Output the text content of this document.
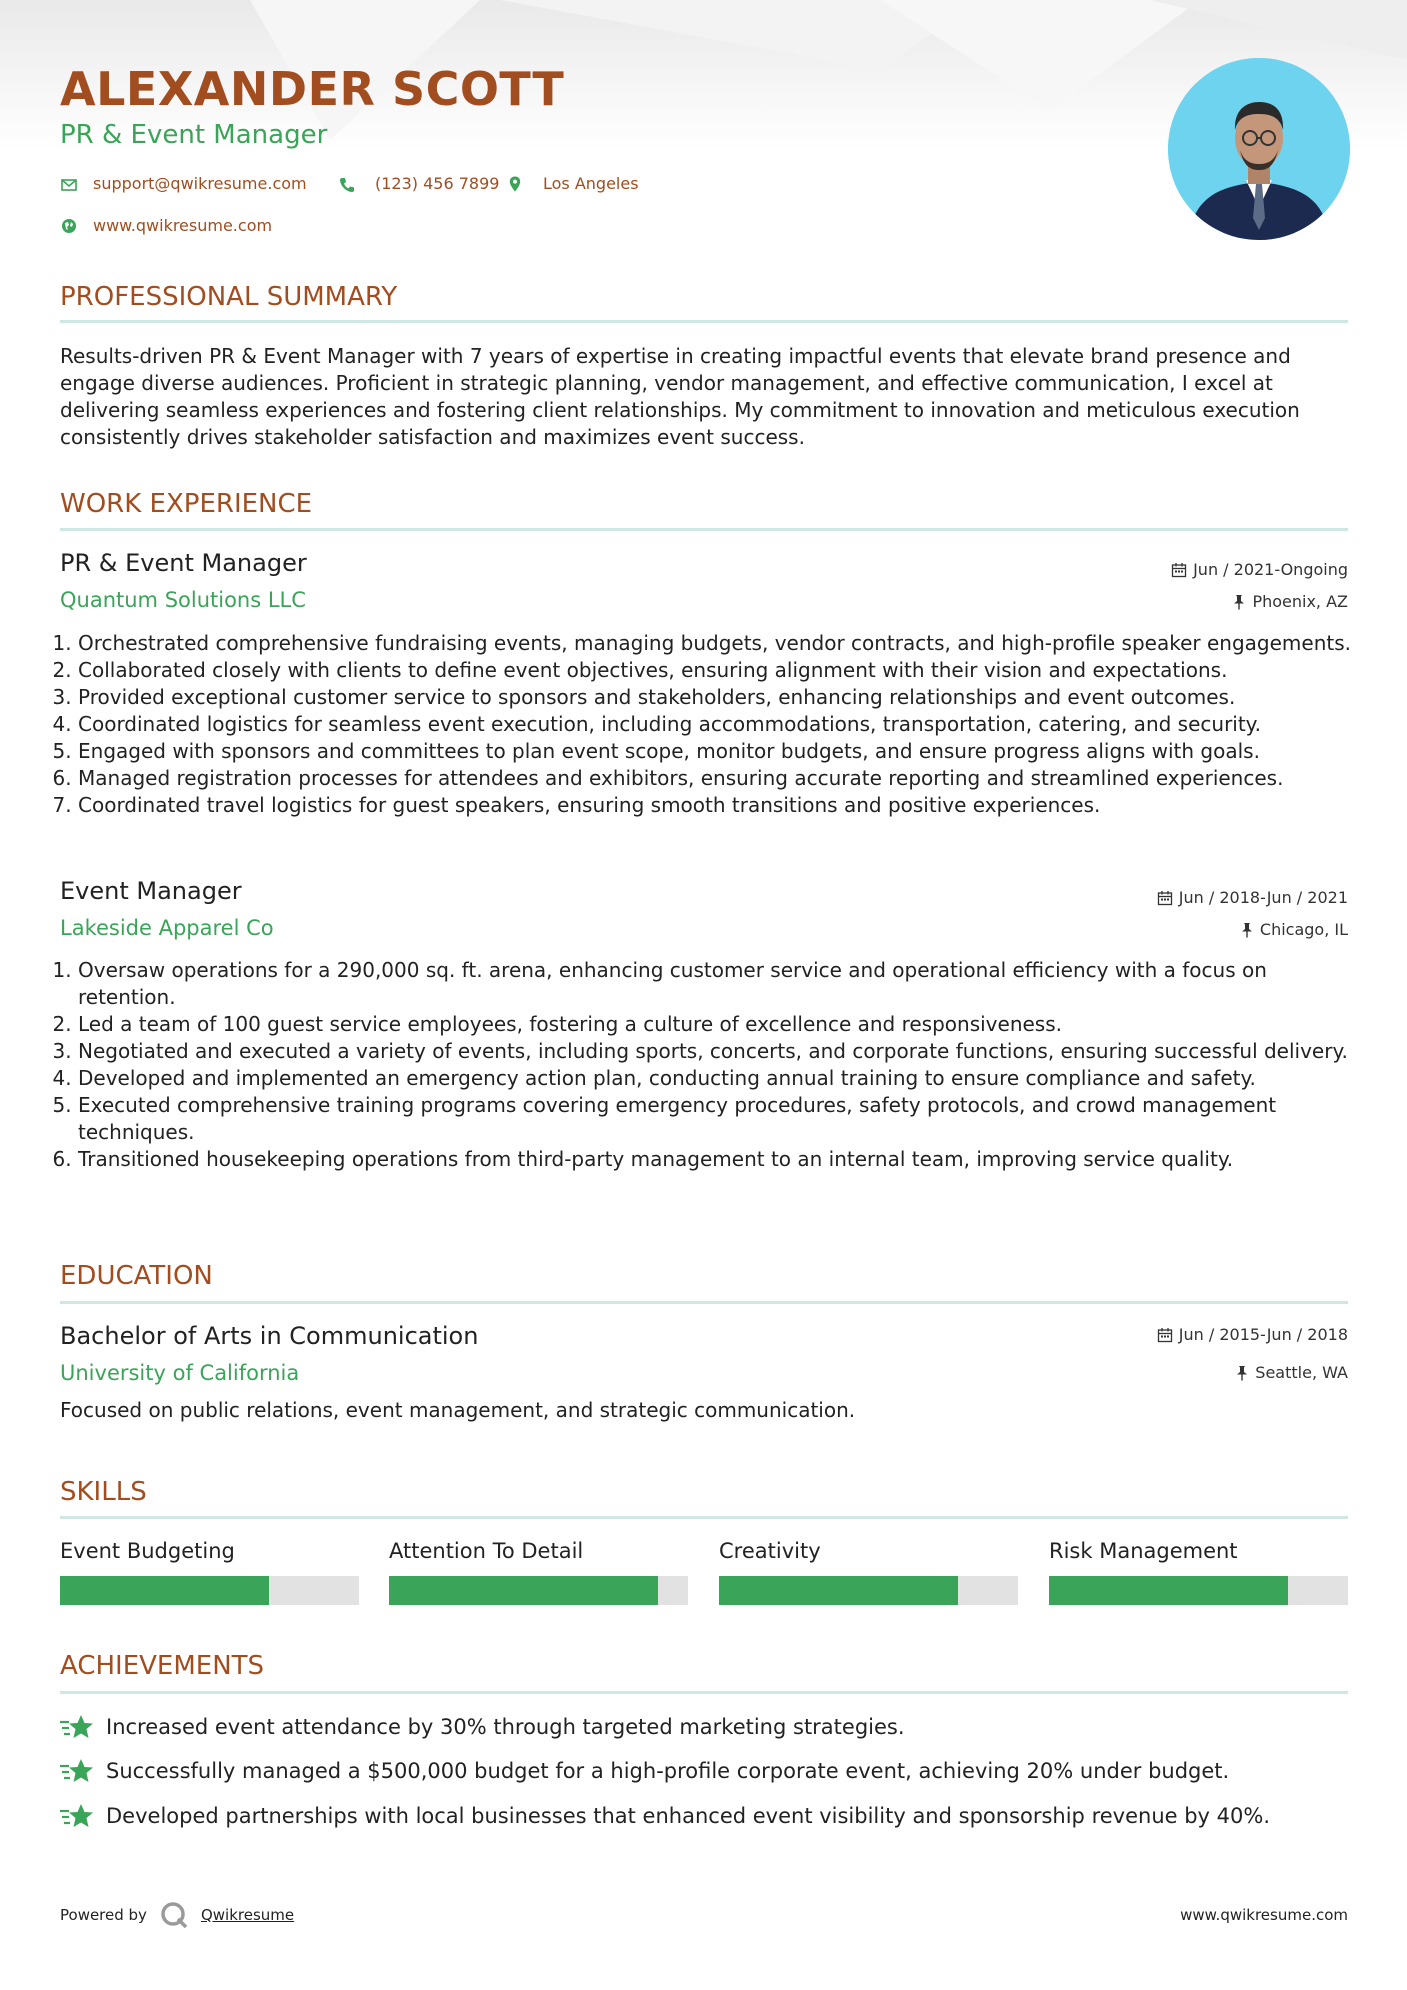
ALEXANDER SCOTT
PR & Event Manager
support@qwikresume.com	(123) 456 7899	Los Angeles
www.qwikresume.com
PROFESSIONAL SUMMARY
Results-driven PR & Event Manager with 7 years of expertise in creating impactful events that elevate brand presence and engage diverse audiences. Proficient in strategic planning, vendor management, and effective communication, I excel at delivering seamless experiences and fostering client relationships. My commitment to innovation and meticulous execution consistently drives stakeholder satisfaction and maximizes event success.
WORK EXPERIENCE
PR & Event Manager
Quantum Solutions LLC
Jun / 2021-Ongoing
Phoenix, AZ
1. Orchestrated comprehensive fundraising events, managing budgets, vendor contracts, and high-profile speaker engagements.
2. Collaborated closely with clients to define event objectives, ensuring alignment with their vision and expectations.
3. Provided exceptional customer service to sponsors and stakeholders, enhancing relationships and event outcomes.
4. Coordinated logistics for seamless event execution, including accommodations, transportation, catering, and security.
5. Engaged with sponsors and committees to plan event scope, monitor budgets, and ensure progress aligns with goals.
6. Managed registration processes for attendees and exhibitors, ensuring accurate reporting and streamlined experiences.
7. Coordinated travel logistics for guest speakers, ensuring smooth transitions and positive experiences.
Event Manager
Lakeside Apparel Co
Jun / 2018-Jun / 2021
Chicago, IL
1. Oversaw operations for a 290,000 sq. ft. arena, enhancing customer service and operational efficiency with a focus on retention.
2. Led a team of 100 guest service employees, fostering a culture of excellence and responsiveness.
3. Negotiated and executed a variety of events, including sports, concerts, and corporate functions, ensuring successful delivery.
4. Developed and implemented an emergency action plan, conducting annual training to ensure compliance and safety.
5. Executed comprehensive training programs covering emergency procedures, safety protocols, and crowd management techniques.
6. Transitioned housekeeping operations from third-party management to an internal team, improving service quality.
EDUCATION
Bachelor of Arts in Communication
University of California
Jun / 2015-Jun / 2018
Seattle, WA
Focused on public relations, event management, and strategic communication.
SKILLS
Event Budgeting	Attention To Detail	Creativity	Risk Management
ACHIEVEMENTS
Increased event attendance by 30% through targeted marketing strategies.
Successfully managed a $500,000 budget for a high-profile corporate event, achieving 20% under budget.
Developed partnerships with local businesses that enhanced event visibility and sponsorship revenue by 40%.
Powered by	Qwikresume	www.qwikresume.com
